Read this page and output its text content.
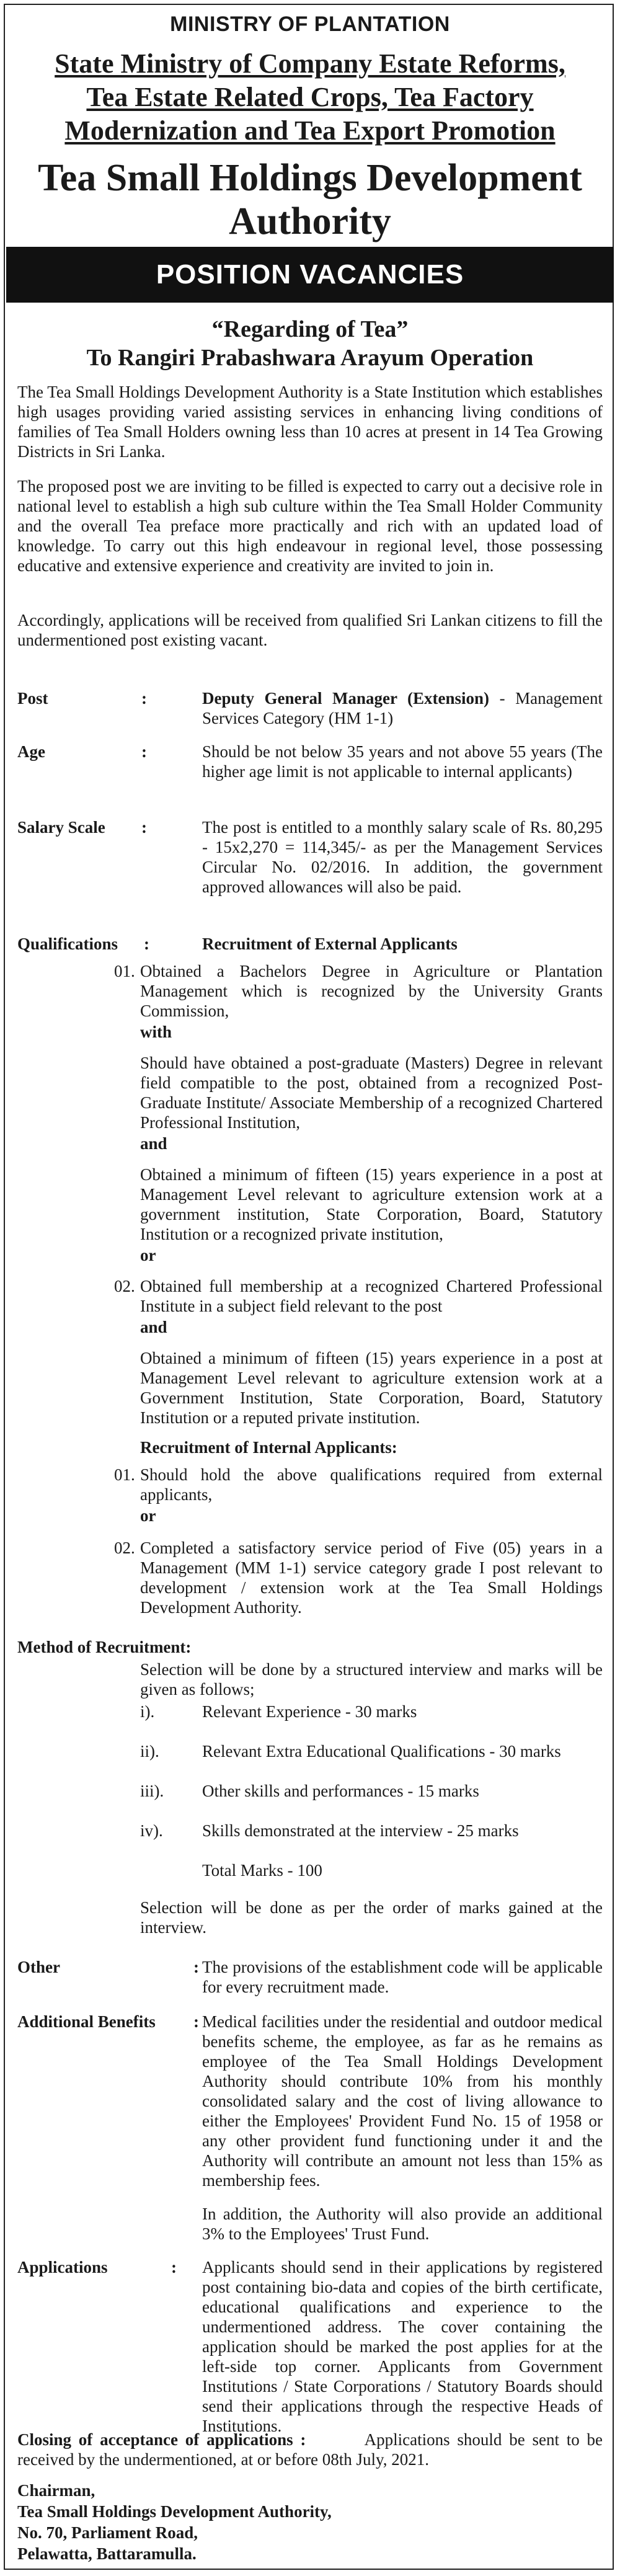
MINISTRY OF PLANTATION
State Ministry of Company Estate Reforms,
Tea Estate Related Crops, Tea Factory
Modernization and Tea Export Promotion
Tea Small Holdings Development
Authority
POSITION VACANCIES
“Regarding of Tea”
To Rangiri Prabashwara Arayum Operation
The Tea Small Holdings Development Authority is a State Institution which establishes high usages providing varied assisting services in enhancing living conditions of families of Tea Small Holders owning less than 10 acres at present in 14 Tea Growing Districts in Sri Lanka.
The proposed post we are inviting to be filled is expected to carry out a decisive role in national level to establish a high sub culture within the Tea Small Holder Community and the overall Tea preface more practically and rich with an updated load of knowledge. To carry out this high endeavour in regional level, those possessing educative and extensive experience and creativity are invited to join in.
Accordingly, applications will be received from qualified Sri Lankan citizens to fill the undermentioned post existing vacant.
Post	:	Deputy General Manager (Extension) - Management Services Category (HM 1-1)
Age	:	Should be not below 35 years and not above 55 years (The higher age limit is not applicable to internal applicants)
Salary Scale :	The post is entitled to a monthly salary scale of Rs. 80,295 - 15x2,270 = 114,345/- as per the Management Services Circular No. 02/2016. In addition, the government approved allowances will also be paid.
Qualifications :	Recruitment of External Applicants
01. Obtained a Bachelors Degree in Agriculture or Plantation Management which is recognized by the University Grants Commission,
with
Should have obtained a post-graduate (Masters) Degree in relevant field compatible to the post, obtained from a recognized Post-Graduate Institute/ Associate Membership of a recognized Chartered Professional Institution,
and
Obtained a minimum of fifteen (15) years experience in a post at Management Level relevant to agriculture extension work at a government institution, State Corporation, Board, Statutory Institution or a recognized private institution,
or
02. Obtained full membership at a recognized Chartered Professional Institute in a subject field relevant to the post
and
Obtained a minimum of fifteen (15) years experience in a post at Management Level relevant to agriculture extension work at a Government Institution, State Corporation, Board, Statutory Institution or a reputed private institution.
Recruitment of Internal Applicants:
01. Should hold the above qualifications required from external applicants,
or
02. Completed a satisfactory service period of Five (05) years in a Management (MM 1-1) service category grade I post relevant to development / extension work at the Tea Small Holdings Development Authority.
Method of Recruitment:
Selection will be done by a structured interview and marks will be given as follows;
i).	Relevant Experience - 30 marks
ii).	Relevant Extra Educational Qualifications - 30 marks
iii). Other skills and performances - 15 marks
iv). Skills demonstrated at the interview - 25 marks
Total Marks - 100
Selection will be done as per the order of marks gained at the interview.
Other	: The provisions of the establishment code will be applicable for every recruitment made.
Additional Benefits : Medical facilities under the residential and outdoor medical benefits scheme, the employee, as far as he remains as employee of the Tea Small Holdings Development Authority should contribute 10% from his monthly consolidated salary and the cost of living allowance to either the Employees' Provident Fund No. 15 of 1958 or any other provident fund functioning under it and the Authority will contribute an amount not less than 15% as membership fees.
In addition, the Authority will also provide an additional 3% to the Employees' Trust Fund.
Applications	: Applicants should send in their applications by registered post containing bio-data and copies of the birth certificate, educational qualifications and experience to the undermentioned address. The cover containing the application should be marked the post applies for at the left-side top corner. Applicants from Government Institutions / State Corporations / Statutory Boards should send their applications through the respective Heads of Institutions.
Closing of acceptance of applications :	Applications should be sent to be received by the undermentioned, at or before 08th July, 2021.
Chairman,
Tea Small Holdings Development Authority,
No. 70, Parliament Road,
Pelawatta, Battaramulla.
